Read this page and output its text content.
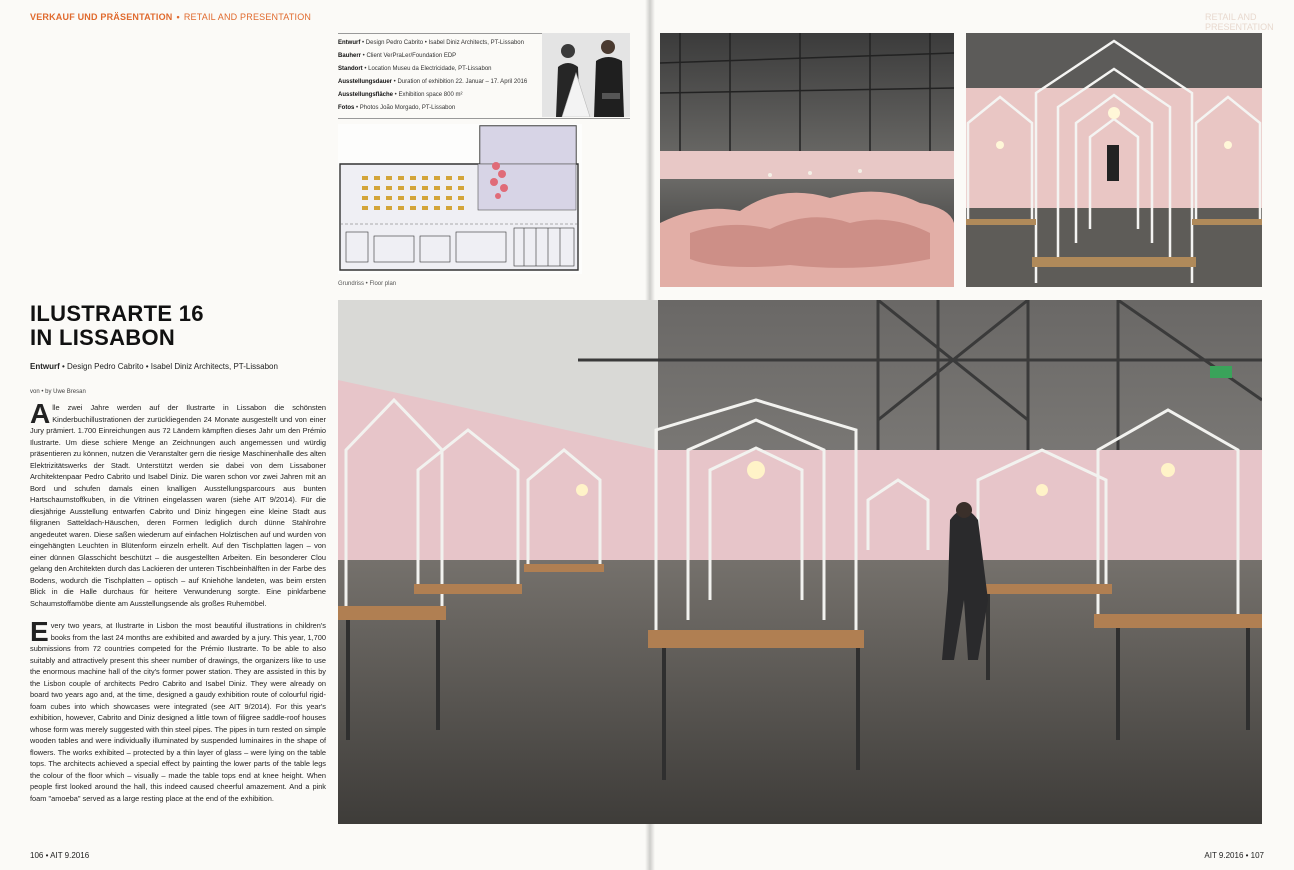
VERKAUF UND PRÄSENTATION • RETAIL AND PRESENTATION	RETAIL AND PRESENTATION
Entwurf • Design Pedro Cabrito • Isabel Diniz Architects, PT-Lissabon
Bauherr • Client VerPraLer/Foundation EDP
Standort • Location Museu da Electricidade, PT-Lissabon
Ausstellungsdauer • Duration of exhibition 22. Januar – 17. April 2016
Ausstellungsfläche • Exhibition space 800 m²
Fotos • Photos João Morgado, PT-Lissabon
Grundriss • Floor plan
ILUSTRARTE 16
IN LISSABON
Entwurf • Design Pedro Cabrito • Isabel Diniz Architects, PT-Lissabon
von • by Uwe Bresan

Alle zwei Jahre werden auf der Ilustrarte in Lissabon die schönsten Kinderbuchillustrationen der zurückliegenden 24 Monate ausgestellt und von einer Jury prämiert. 1.700 Einreichungen aus 72 Ländern kämpften dieses Jahr um den Prémio Ilustrarte. Um diese schiere Menge an Zeichnungen auch angemessen und würdig präsentieren zu können, nutzen die Veranstalter gern die riesige Maschinenhalle des alten Elektrizitätswerks der Stadt. Unterstützt werden sie dabei von dem Lissaboner Architektenpaar Pedro Cabrito und Isabel Diniz. Die waren schon vor zwei Jahren mit an Bord und schufen damals einen knalligen Ausstellungsparcours aus bunten Hartschaumstoffkuben, in die Vitrinen eingelassen waren (siehe AIT 9/2014). Für die diesjährige Ausstellung entwarfen Cabrito und Diniz hingegen eine kleine Stadt aus filigranen Satteldach-Häuschen, deren Formen lediglich durch dünne Stahlrohre angedeutet waren. Diese saßen wiederum auf einfachen Holztischen auf und wurden von eingehängten Leuchten in Blütenform einzeln erhellt. Auf den Tischplatten lagen – von einer dünnen Glasschicht beschützt – die ausgestellten Arbeiten. Ein besonderer Clou gelang den Architekten durch das Lackieren der unteren Tischbeinhälften in der Farbe des Bodens, wodurch die Tischplatten – optisch – auf Kniehöhe landeten, was beim ersten Blick in die Halle durchaus für heitere Verwunderung sorgte. Eine pinkfarbene Schaumstoffamöbe diente am Ausstellungsende als großes Ruhemöbel.

Every two years, at Ilustrarte in Lisbon the most beautiful illustrations in children's books from the last 24 months are exhibited and awarded by a jury. This year, 1,700 submissions from 72 countries competed for the Prémio Ilustrarte. To be able to also suitably and attractively present this sheer number of drawings, the organizers like to use the enormous machine hall of the city's former power station. They are assisted in this by the Lisbon couple of architects Pedro Cabrito and Isabel Diniz. They were already on board two years ago and, at the time, designed a gaudy exhibition route of colourful rigid-foam cubes into which showcases were integrated (see AIT 9/2014). For this year's exhibition, however, Cabrito and Diniz designed a little town of filigree saddle-roof houses whose form was merely suggested with thin steel pipes. The pipes in turn rested on simple wooden tables and were individually illuminated by suspended luminaires in the shape of flowers. The works exhibited – protected by a thin layer of glass – were lying on the table tops. The architects achieved a special effect by painting the lower parts of the table legs the colour of the floor which – visually – made the table tops end at knee height. When people first looked around the hall, this indeed caused cheerful amazement. And a pink foam "amoeba" served as a large resting place at the end of the exhibition.

106 • AIT 9.2016	AIT 9.2016 • 107
